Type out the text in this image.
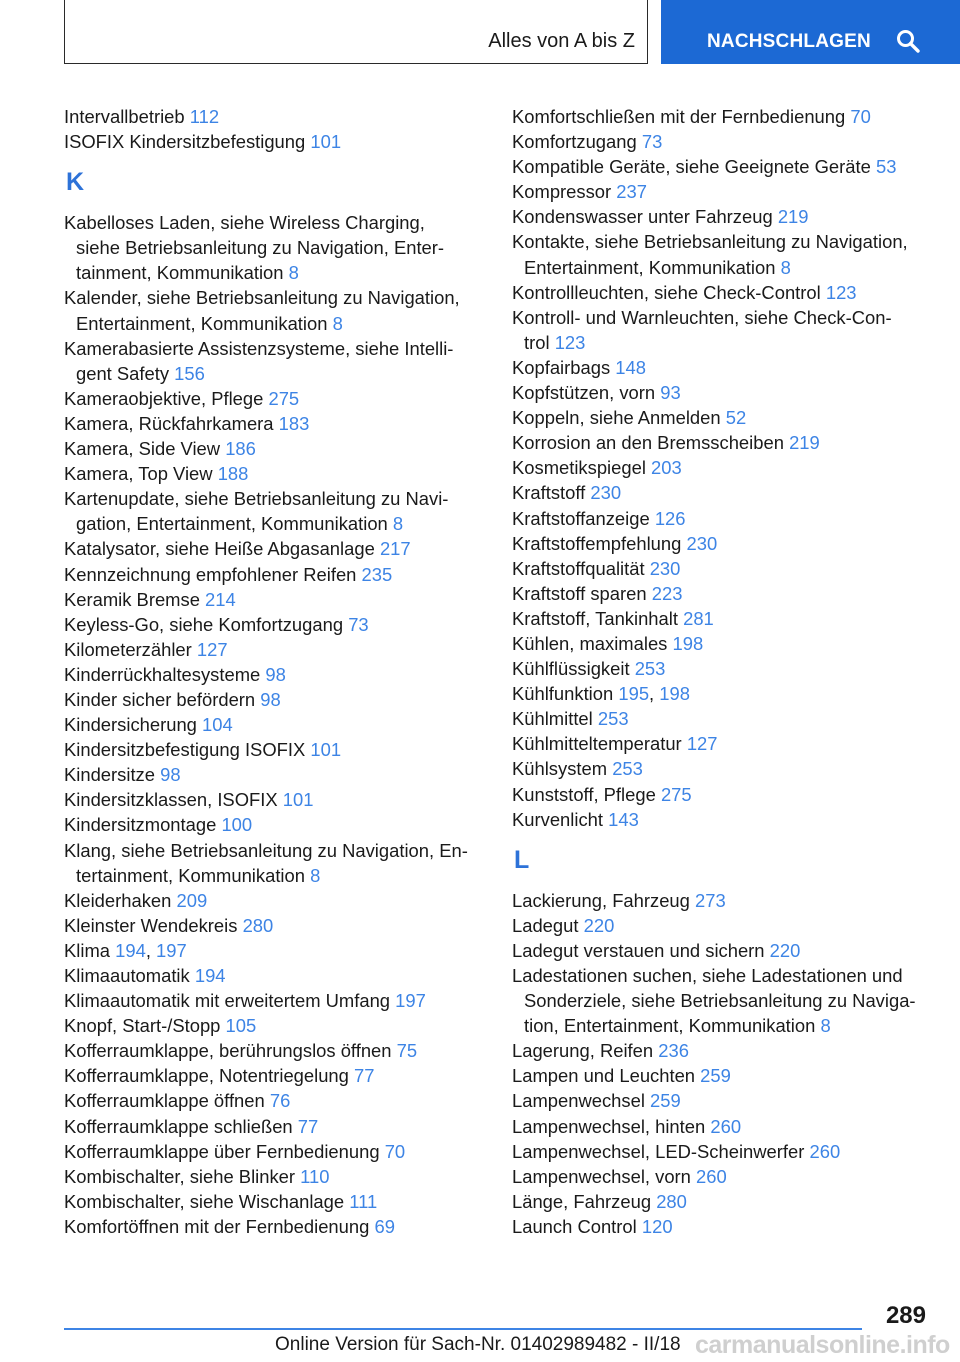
Alles von A bis Z	NACHSCHLAGEN
Intervallbetrieb 112
ISOFIX Kindersitzbefestigung 101
K
Kabelloses Laden, siehe Wireless Charging,
siehe Betriebsanleitung zu Navigation, Enter‐
tainment, Kommunikation 8
Kalender, siehe Betriebsanleitung zu Navigation,
Entertainment, Kommunikation 8
Kamerabasierte Assistenzsysteme, siehe Intelli‐
gent Safety 156
Kameraobjektive, Pflege 275
Kamera, Rückfahrkamera 183
Kamera, Side View 186
Kamera, Top View 188
Kartenupdate, siehe Betriebsanleitung zu Navi‐
gation, Entertainment, Kommunikation 8
Katalysator, siehe Heiße Abgasanlage 217
Kennzeichnung empfohlener Reifen 235
Keramik Bremse 214
Keyless-Go, siehe Komfortzugang 73
Kilometerzähler 127
Kinderrückhaltesysteme 98
Kinder sicher befördern 98
Kindersicherung 104
Kindersitzbefestigung ISOFIX 101
Kindersitze 98
Kindersitzklassen, ISOFIX 101
Kindersitzmontage 100
Klang, siehe Betriebsanleitung zu Navigation, En‐
tertainment, Kommunikation 8
Kleiderhaken 209
Kleinster Wendekreis 280
Klima 194, 197
Klimaautomatik 194
Klimaautomatik mit erweitertem Umfang 197
Knopf, Start-/Stopp 105
Kofferraumklappe, berührungslos öffnen 75
Kofferraumklappe, Notentriegelung 77
Kofferraumklappe öffnen 76
Kofferraumklappe schließen 77
Kofferraumklappe über Fernbedienung 70
Kombischalter, siehe Blinker 110
Kombischalter, siehe Wischanlage 111
Komfortöffnen mit der Fernbedienung 69
Komfortschließen mit der Fernbedienung 70
Komfortzugang 73
Kompatible Geräte, siehe Geeignete Geräte 53
Kompressor 237
Kondenswasser unter Fahrzeug 219
Kontakte, siehe Betriebsanleitung zu Navigation,
Entertainment, Kommunikation 8
Kontrollleuchten, siehe Check-Control 123
Kontroll- und Warnleuchten, siehe Check-Con‐
trol 123
Kopfairbags 148
Kopfstützen, vorn 93
Koppeln, siehe Anmelden 52
Korrosion an den Bremsscheiben 219
Kosmetikspiegel 203
Kraftstoff 230
Kraftstoffanzeige 126
Kraftstoffempfehlung 230
Kraftstoffqualität 230
Kraftstoff sparen 223
Kraftstoff, Tankinhalt 281
Kühlen, maximales 198
Kühlflüssigkeit 253
Kühlfunktion 195, 198
Kühlmittel 253
Kühlmitteltemperatur 127
Kühlsystem 253
Kunststoff, Pflege 275
Kurvenlicht 143
L
Lackierung, Fahrzeug 273
Ladegut 220
Ladegut verstauen und sichern 220
Ladestationen suchen, siehe Ladestationen und
Sonderziele, siehe Betriebsanleitung zu Naviga‐
tion, Entertainment, Kommunikation 8
Lagerung, Reifen 236
Lampen und Leuchten 259
Lampenwechsel 259
Lampenwechsel, hinten 260
Lampenwechsel, LED-Scheinwerfer 260
Lampenwechsel, vorn 260
Länge, Fahrzeug 280
Launch Control 120
289
Online Version für Sach-Nr. 01402989482 - II/18 carmanualsonline.info
